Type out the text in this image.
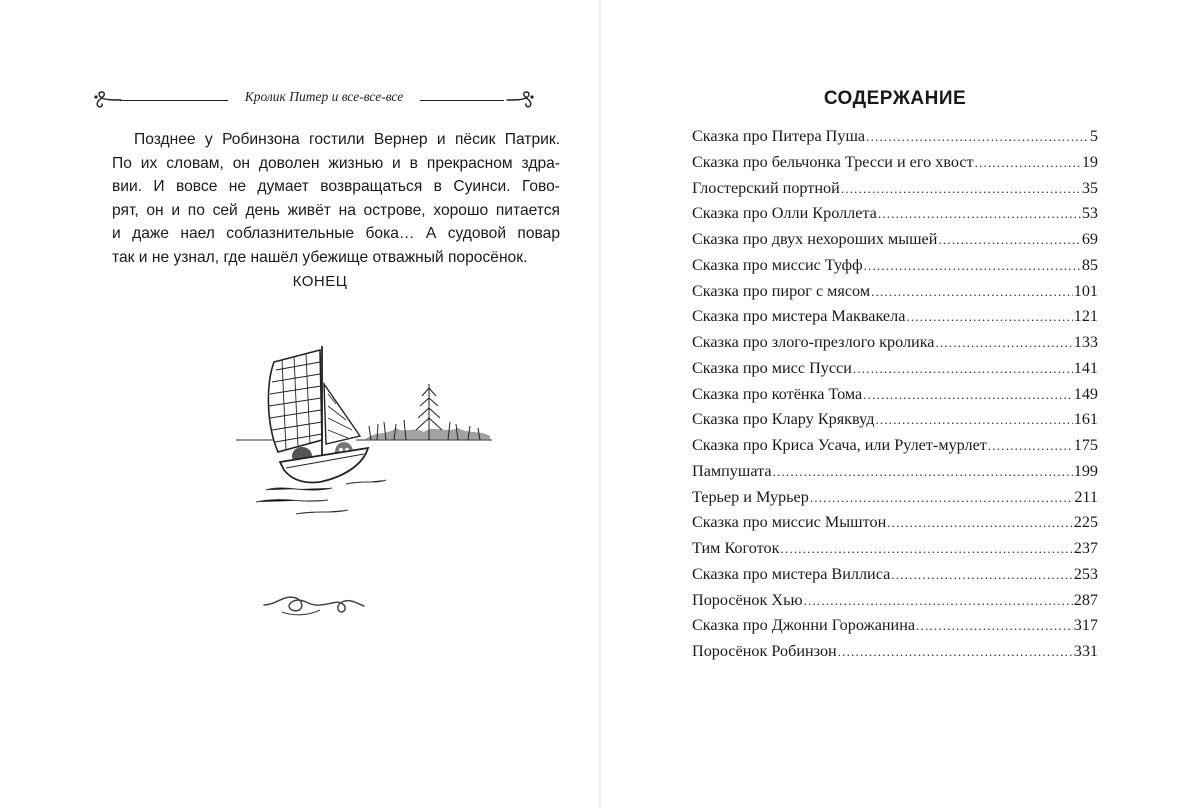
Кролик Питер и все-все-все

Позднее у Робинзона гостили Вернер и пёсик Патрик.
По их словам, он доволен жизнью и в прекрасном здра-
вии. И вовсе не думает возвращаться в Суинси. Гово-
рят, он и по сей день живёт на острове, хорошо питается
и даже наел соблазнительные бока… А судовой повар
так и не узнал, где нашёл убежище отважный поросёнок.

КОНЕЦ
СОДЕРЖАНИЕ
Сказка про Питера Пуша .....	5
Сказка про бельчонка Тресси и его хвост .....	19
Глостерский портной .....	35
Сказка про Олли Кроллета .....	53
Сказка про двух нехороших мышей .....	69
Сказка про миссис Туфф .....	85
Сказка про пирог с мясом .....	101
Сказка про мистера Маквакела .....	121
Сказка про злого-презлого кролика .....	133
Сказка про мисс Пусси .....	141
Сказка про котёнка Тома .....	149
Сказка про Клару Кряквуд .....	161
Сказка про Криса Усача, или Рулет-мурлет .....	175
Пампушата .....	199
Терьер и Мурьер .....	211
Сказка про миссис Мыштон .....	225
Тим Коготок .....	237
Сказка про мистера Виллиса .....	253
Поросёнок Хью .....	287
Сказка про Джонни Горожанина .....	317
Поросёнок Робинзон .....	331
